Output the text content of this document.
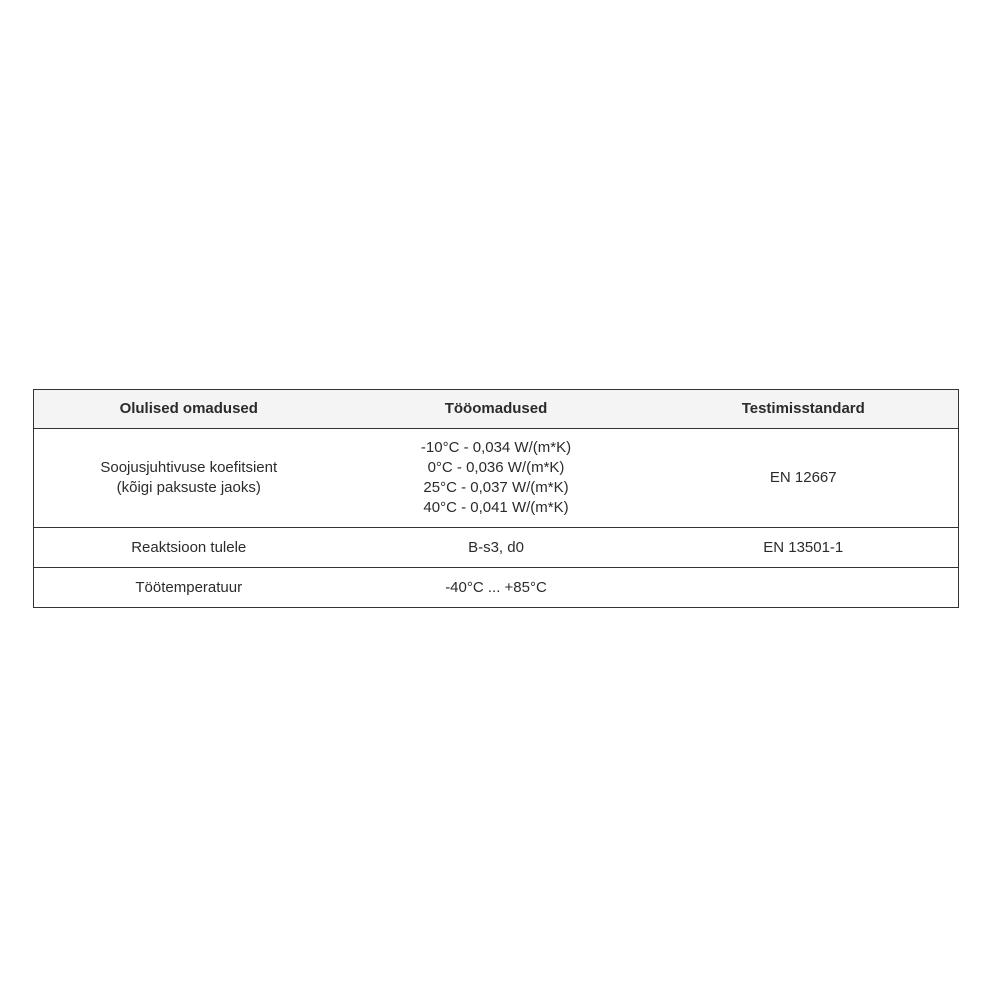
Olulised omadused	Tööomadused	Testimisstandard

Soojusjuhtivuse koefitsient
(kõigi paksuste jaoks)	-10°C - 0,034 W/(m*K)
0°C - 0,036 W/(m*K)
25°C - 0,037 W/(m*K)
40°C - 0,041 W/(m*K)	EN 12667
Reaktsioon tulele	B-s3, d0	EN 13501-1
Töötemperatuur	-40°C ... +85°C	
